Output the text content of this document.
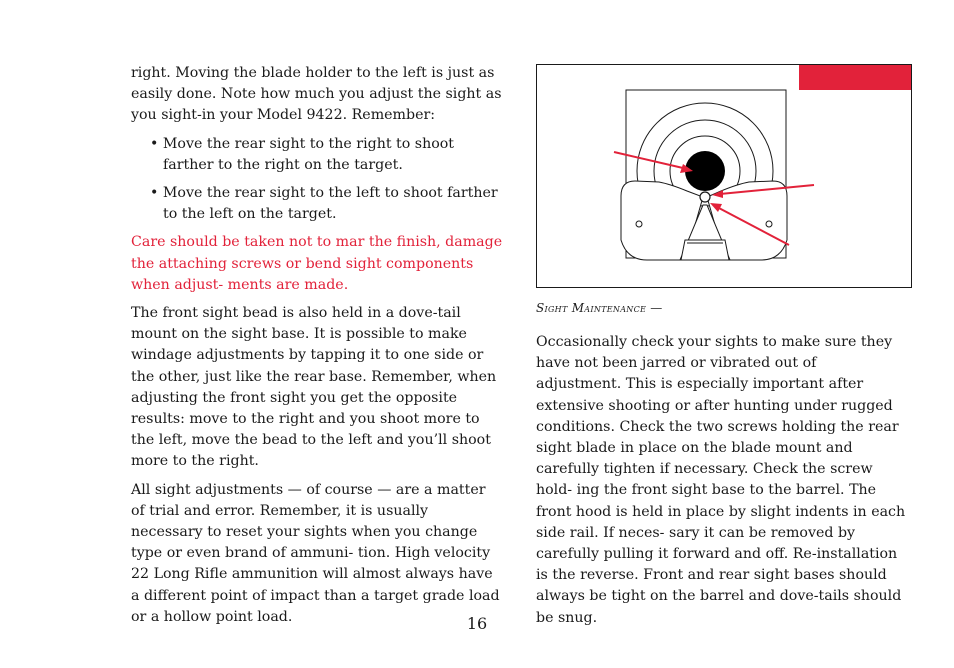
right. Moving the blade holder to the left is just as easily done. Note how much you adjust the sight as you sight-in your Model 9422. Remember:

• Move the rear sight to the right to shoot farther to the right on the target.

• Move the rear sight to the left to shoot farther to the left on the target.

Care should be taken not to mar the finish, damage the attaching screws or bend sight components when adjust- ments are made.

The front sight bead is also held in a dove-tail mount on the sight base. It is possible to make windage adjustments by tapping it to one side or the other, just like the rear base. Remember, when adjusting the front sight you get the opposite results: move to the right and you shoot more to the left, move the bead to the left and you’ll shoot more to the right.

All sight adjustments — of course — are a matter of trial and error. Remember, it is usually necessary to reset your sights when you change type or even brand of ammuni- tion. High velocity 22 Long Rifle ammunition will almost always have a different point of impact than a target grade load or a hollow point load.

Sight Maintenance —

Occasionally check your sights to make sure they have not been jarred or vibrated out of adjustment. This is especially important after extensive shooting or after hunting under rugged conditions. Check the two screws holding the rear sight blade in place on the blade mount and carefully tighten if necessary. Check the screw hold- ing the front sight base to the barrel. The front hood is held in place by slight indents in each side rail. If neces- sary it can be removed by carefully pulling it forward and off. Re-installation is the reverse. Front and rear sight bases should always be tight on the barrel and dove-tails should be snug.

16
